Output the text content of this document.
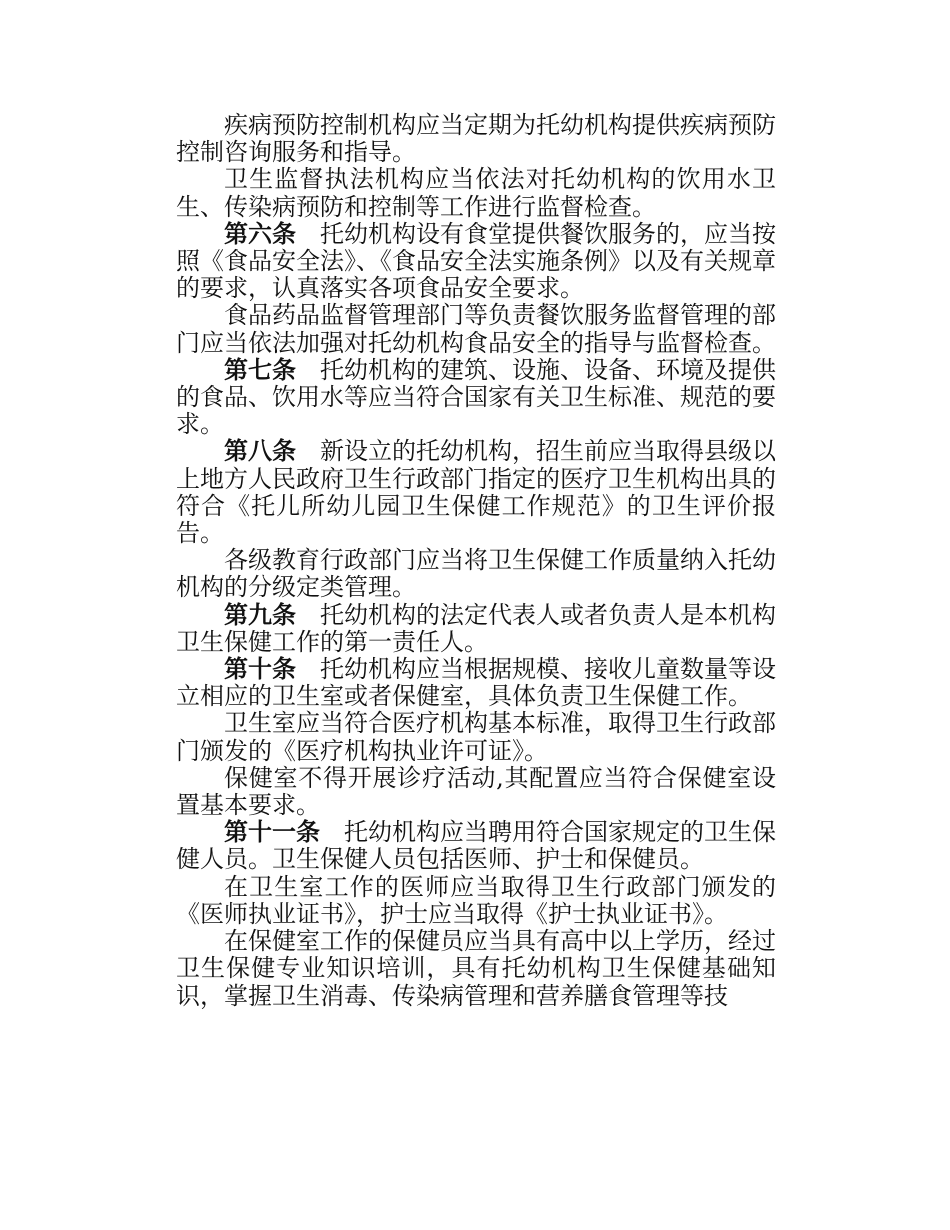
疾病预防控制机构应当定期为托幼机构提供疾病预防控制咨询服务和指导。

卫生监督执法机构应当依法对托幼机构的饮用水卫生、传染病预防和控制等工作进行监督检查。

第六条 托幼机构设有食堂提供餐饮服务的，应当按照《食品安全法》、《食品安全法实施条例》以及有关规章的要求，认真落实各项食品安全要求。

食品药品监督管理部门等负责餐饮服务监督管理的部门应当依法加强对托幼机构食品安全的指导与监督检查。

第七条 托幼机构的建筑、设施、设备、环境及提供的食品、饮用水等应当符合国家有关卫生标准、规范的要求。

第八条 新设立的托幼机构，招生前应当取得县级以上地方人民政府卫生行政部门指定的医疗卫生机构出具的符合《托儿所幼儿园卫生保健工作规范》的卫生评价报告。

各级教育行政部门应当将卫生保健工作质量纳入托幼机构的分级定类管理。

第九条 托幼机构的法定代表人或者负责人是本机构卫生保健工作的第一责任人。

第十条 托幼机构应当根据规模、接收儿童数量等设立相应的卫生室或者保健室，具体负责卫生保健工作。

卫生室应当符合医疗机构基本标准，取得卫生行政部门颁发的《医疗机构执业许可证》。

保健室不得开展诊疗活动,其配置应当符合保健室设置基本要求。

第十一条 托幼机构应当聘用符合国家规定的卫生保健人员。卫生保健人员包括医师、护士和保健员。

在卫生室工作的医师应当取得卫生行政部门颁发的《医师执业证书》，护士应当取得《护士执业证书》。

在保健室工作的保健员应当具有高中以上学历，经过卫生保健专业知识培训，具有托幼机构卫生保健基础知识，掌握卫生消毒、传染病管理和营养膳食管理等技
